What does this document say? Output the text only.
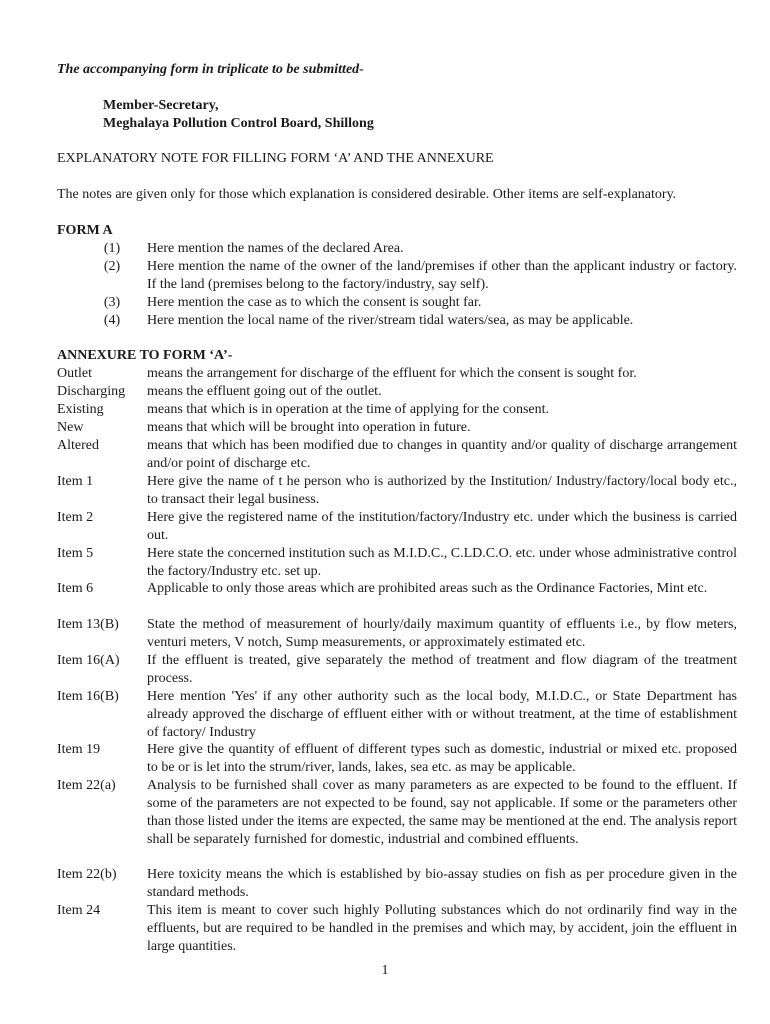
The accompanying form in triplicate to be submitted-
Member-Secretary,
Meghalaya Pollution Control Board, Shillong
EXPLANATORY NOTE FOR FILLING FORM ‘A’ AND THE ANNEXURE
The notes are given only for those which explanation is considered desirable. Other items are self-explanatory.
FORM A
(1)	Here mention the names of the declared Area.
(2)	Here mention the name of the owner of the land/premises if other than the applicant industry or factory. If the land (premises belong to the factory/industry, say self).
(3)	Here mention the case as to which the consent is sought far.
(4)	Here mention the local name of the river/stream tidal waters/sea, as may be applicable.
ANNEXURE TO FORM ‘A’-
Outlet	means the arrangement for discharge of the effluent for which the consent is sought for.
Discharging means the effluent going out of the outlet.
Existing	means that which is in operation at the time of applying for the consent.
New	means that which will be brought into operation in future.
Altered	means that which has been modified due to changes in quantity and/or quality of discharge arrangement and/or point of discharge etc.
Item 1	Here give the name of t he person who is authorized by the Institution/ Industry/factory/local body etc., to transact their legal business.
Item 2	Here give the registered name of the institution/factory/Industry etc. under which the business is carried out.
Item 5	Here state the concerned institution such as M.I.D.C., C.LD.C.O. etc. under whose administrative control the factory/Industry etc. set up.
Item 6	Applicable to only those areas which are prohibited areas such as the Ordinance Factories, Mint etc.
Item 13(B) State the method of measurement of hourly/daily maximum quantity of effluents i.e., by flow meters, venturi meters, V notch, Sump measurements, or approximately estimated etc.
Item 16(A) If the effluent is treated, give separately the method of treatment and flow diagram of the treatment process.
Item 16(B) Here mention 'Yes' if any other authority such as the local body, M.I.D.C., or State Department has already approved the discharge of effluent either with or without treatment, at the time of establishment of factory/ Industry
Item 19	Here give the quantity of effluent of different types such as domestic, industrial or mixed etc. proposed to be or is let into the strum/river, lands, lakes, sea etc. as may be applicable.
Item 22(a) Analysis to be furnished shall cover as many parameters as are expected to be found to the effluent. If some of the parameters are not expected to be found, say not applicable. If some or the parameters other than those listed under the items are expected, the same may be mentioned at the end. The analysis report shall be separately furnished for domestic, industrial and combined effluents.
Item 22(b) Here toxicity means the which is established by bio-assay studies on fish as per procedure given in the standard methods.
Item 24	This item is meant to cover such highly Polluting substances which do not ordinarily find way in the effluents, but are required to be handled in the premises and which may, by accident, join the effluent in large quantities.
1
